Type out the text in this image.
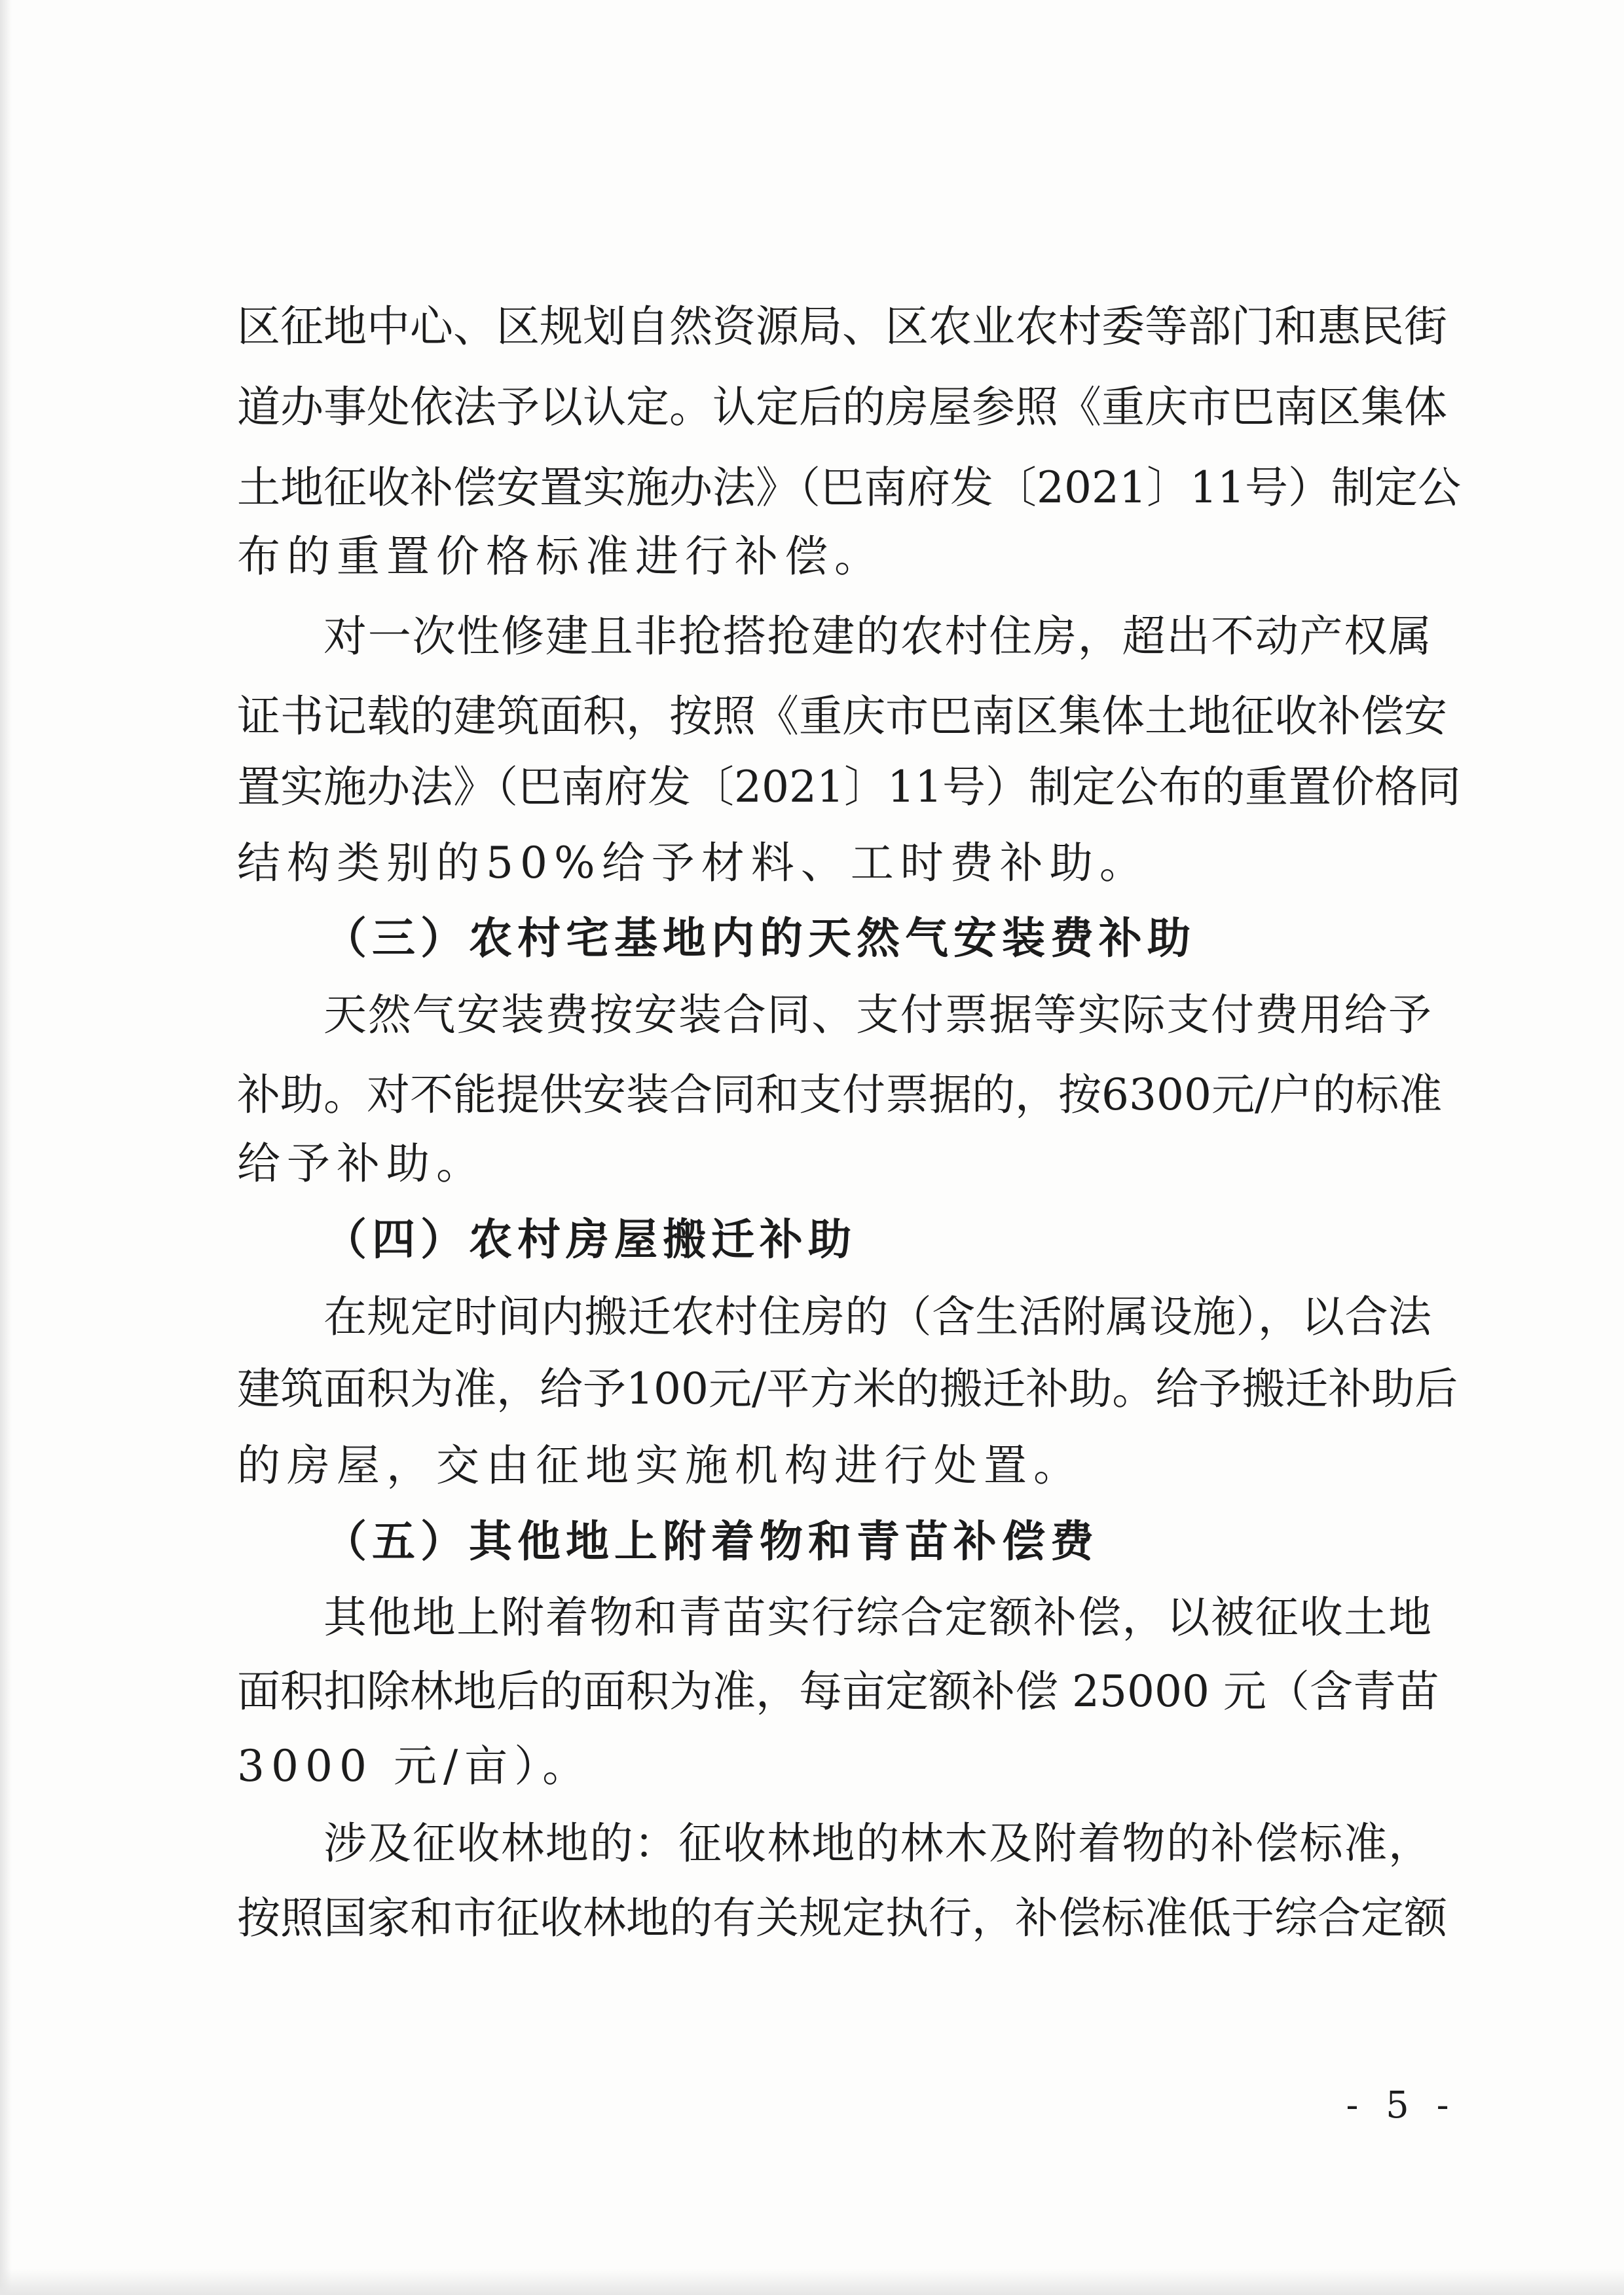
区征地中心、区规划自然资源局、区农业农村委等部门和惠民街
道办事处依法予以认定。认定后的房屋参照《重庆市巴南区集体
土地征收补偿安置实施办法》（巴南府发〔2021〕11号）制定公
布的重置价格标准进行补偿。
对一次性修建且非抢搭抢建的农村住房，超出不动产权属
证书记载的建筑面积，按照《重庆市巴南区集体土地征收补偿安
置实施办法》（巴南府发〔2021〕11号）制定公布的重置价格同
结构类别的50%给予材料、工时费补助。
（三）农村宅基地内的天然气安装费补助
天然气安装费按安装合同、支付票据等实际支付费用给予
补助。对不能提供安装合同和支付票据的，按6300元/户的标准
给予补助。
（四）农村房屋搬迁补助
在规定时间内搬迁农村住房的（含生活附属设施），以合法
建筑面积为准，给予100元/平方米的搬迁补助。给予搬迁补助后
的房屋，交由征地实施机构进行处置。
（五）其他地上附着物和青苗补偿费
其他地上附着物和青苗实行综合定额补偿，以被征收土地
面积扣除林地后的面积为准，每亩定额补偿 25000 元（含青苗
3000 元/亩）。
涉及征收林地的：征收林地的林木及附着物的补偿标准，
按照国家和市征收林地的有关规定执行，补偿标准低于综合定额
- 5 -
